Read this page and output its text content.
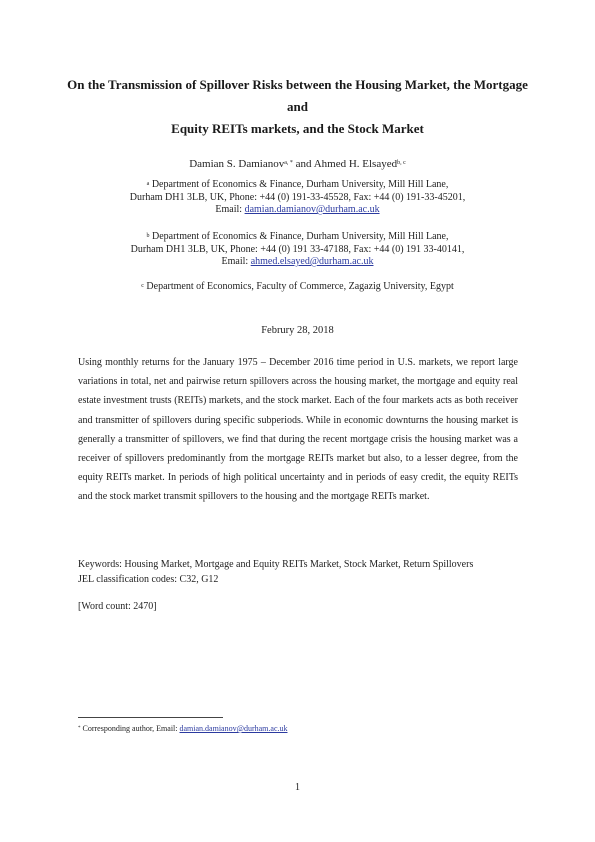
On the Transmission of Spillover Risks between the Housing Market, the Mortgage and
Equity REITs markets, and the Stock Market
Damian S. Damianov$^{a, *}$ and Ahmed H. Elsayed$^{b, c}$
$^a$ Department of Economics & Finance, Durham University, Mill Hill Lane,
Durham DH1 3LB, UK, Phone: +44 (0) 191-33-45528, Fax: +44 (0) 191-33-45201,
Email: damian.damianov@durham.ac.uk
$^b$ Department of Economics & Finance, Durham University, Mill Hill Lane,
Durham DH1 3LB, UK, Phone: +44 (0) 191 33-47188, Fax: +44 (0) 191 33-40141,
Email: ahmed.elsayed@durham.ac.uk
$^c$ Department of Economics, Faculty of Commerce, Zagazig University, Egypt
Februry 28, 2018
Using monthly returns for the January 1975 – December 2016 time period in U.S. markets, we report large variations in total, net and pairwise return spillovers across the housing market, the mortgage and equity real estate investment trusts (REITs) markets, and the stock market. Each of the four markets acts as both receiver and transmitter of spillovers during specific subperiods. While in economic downturns the housing market is generally a transmitter of spillovers, we find that during the recent mortgage crisis the housing market was a receiver of spillovers predominantly from the mortgage REITs market but also, to a lesser degree, from the equity REITs market. In periods of high political uncertainty and in periods of easy credit, the equity REITs and the stock market transmit spillovers to the housing and the mortgage REITs market.
Keywords: Housing Market, Mortgage and Equity REITs Market, Stock Market, Return Spillovers
JEL classification codes: C32, G12
[Word count: 2470]
* Corresponding author, Email: damian.damianov@durham.ac.uk
1
